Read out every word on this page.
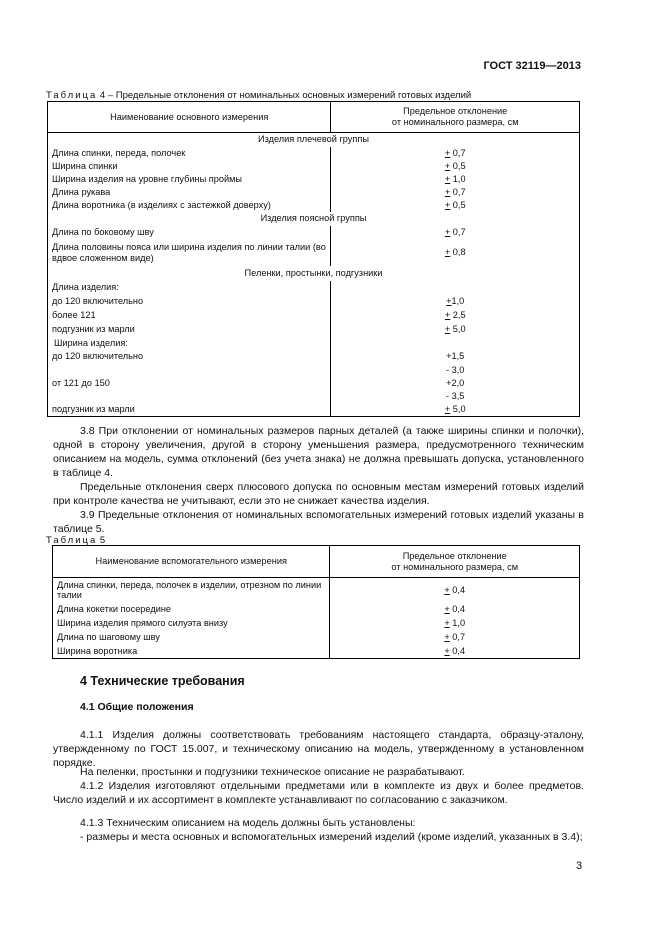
ГОСТ 32119—2013
Таблица 4 – Предельные отклонения от номинальных основных измерений готовых изделий
Наименование основного измерения	Предельное отклонение
от номинального размера, см
Изделия плечевой группы	
Длина спинки, переда, полочек	+ 0,7
Ширина спинки	+ 0,5
Ширина изделия на уровне глубины проймы	+ 1,0
Длина рукава	+ 0,7
Длина воротника (в изделиях с застежкой доверху)	+ 0,5
Изделия поясной группы	
Длина по боковому шву	+ 0,7
Длина половины пояса или ширина изделия по линии талии (во вдвое сложенном виде)	+ 0,8
Пеленки, простынки, подгузники	
Длина изделия:	
до 120 включительно	+1,0
более 121	+ 2,5
подгузник из марли	+ 5,0
Ширина изделия:	
до 120 включительно	+1,5
	- 3,0
от 121 до 150	+2,0
	- 3,5
подгузник из марли	+ 5,0
3.8 При отклонении от номинальных размеров парных деталей (а также ширины спинки и полочки), одной в сторону увеличения, другой в сторону уменьшения размера, предусмотренного техническим описанием на модель, сумма отклонений (без учета знака) не должна превышать допуска, установленного в таблице 4.
Предельные отклонения сверх плюсового допуска по основным местам измерений готовых изделий при контроле качества не учитывают, если это не снижает качества изделия.
3.9 Предельные отклонения от номинальных вспомогательных измерений готовых изделий указаны в таблице 5.
Таблица 5
Наименование вспомогательного измерения	Предельное отклонение
от номинального размера, см
Длина спинки, переда, полочек в изделии, отрезном по линии талии	+ 0,4
Длина кокетки посередине	+ 0,4
Ширина изделия прямого силуэта внизу	+ 1,0
Длина по шаговому шву	+ 0,7
Ширина воротника	+ 0,4
4 Технические требования
4.1 Общие положения
4.1.1 Изделия должны соответствовать требованиям настоящего стандарта, образцу-эталону, утвержденному по ГОСТ 15.007, и техническому описанию на модель, утвержденному в установленном порядке.
На пеленки, простынки и подгузники техническое описание не разрабатывают.
4.1.2 Изделия изготовляют отдельными предметами или в комплекте из двух и более предметов. Число изделий и их ассортимент в комплекте устанавливают по согласованию с заказчиком.
4.1.3 Техническим описанием на модель должны быть установлены:
- размеры и места основных и вспомогательных измерений изделий (кроме изделий, указанных в 3.4);
3
